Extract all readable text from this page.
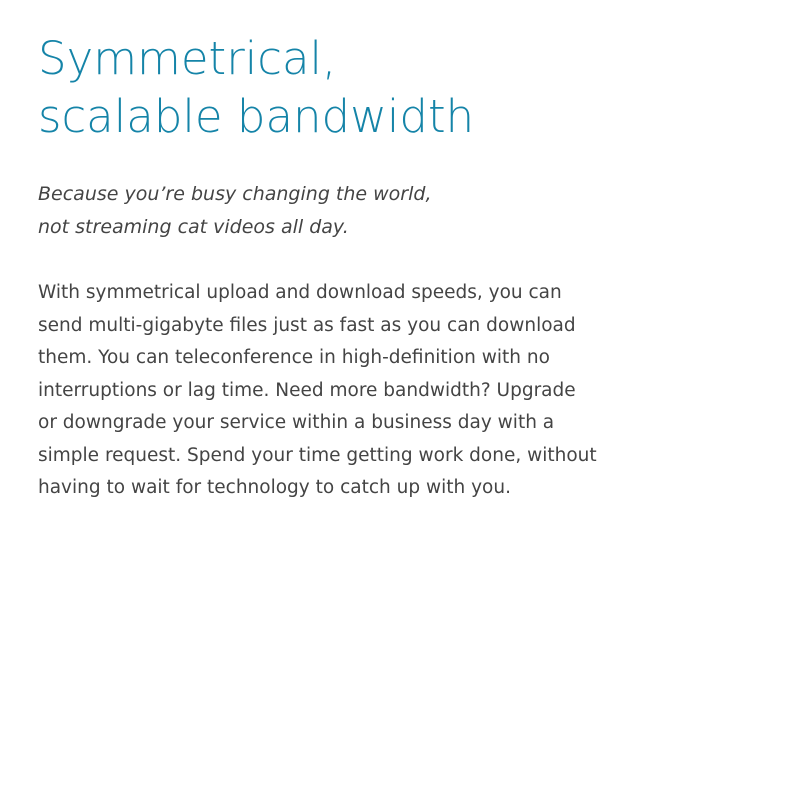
Symmetrical,
scalable bandwidth

Because you’re busy changing the world,
not streaming cat videos all day.

With symmetrical upload and download speeds, you can
send multi-gigabyte files just as fast as you can download
them. You can teleconference in high-definition with no
interruptions or lag time. Need more bandwidth? Upgrade
or downgrade your service within a business day with a
simple request. Spend your time getting work done, without
having to wait for technology to catch up with you.
